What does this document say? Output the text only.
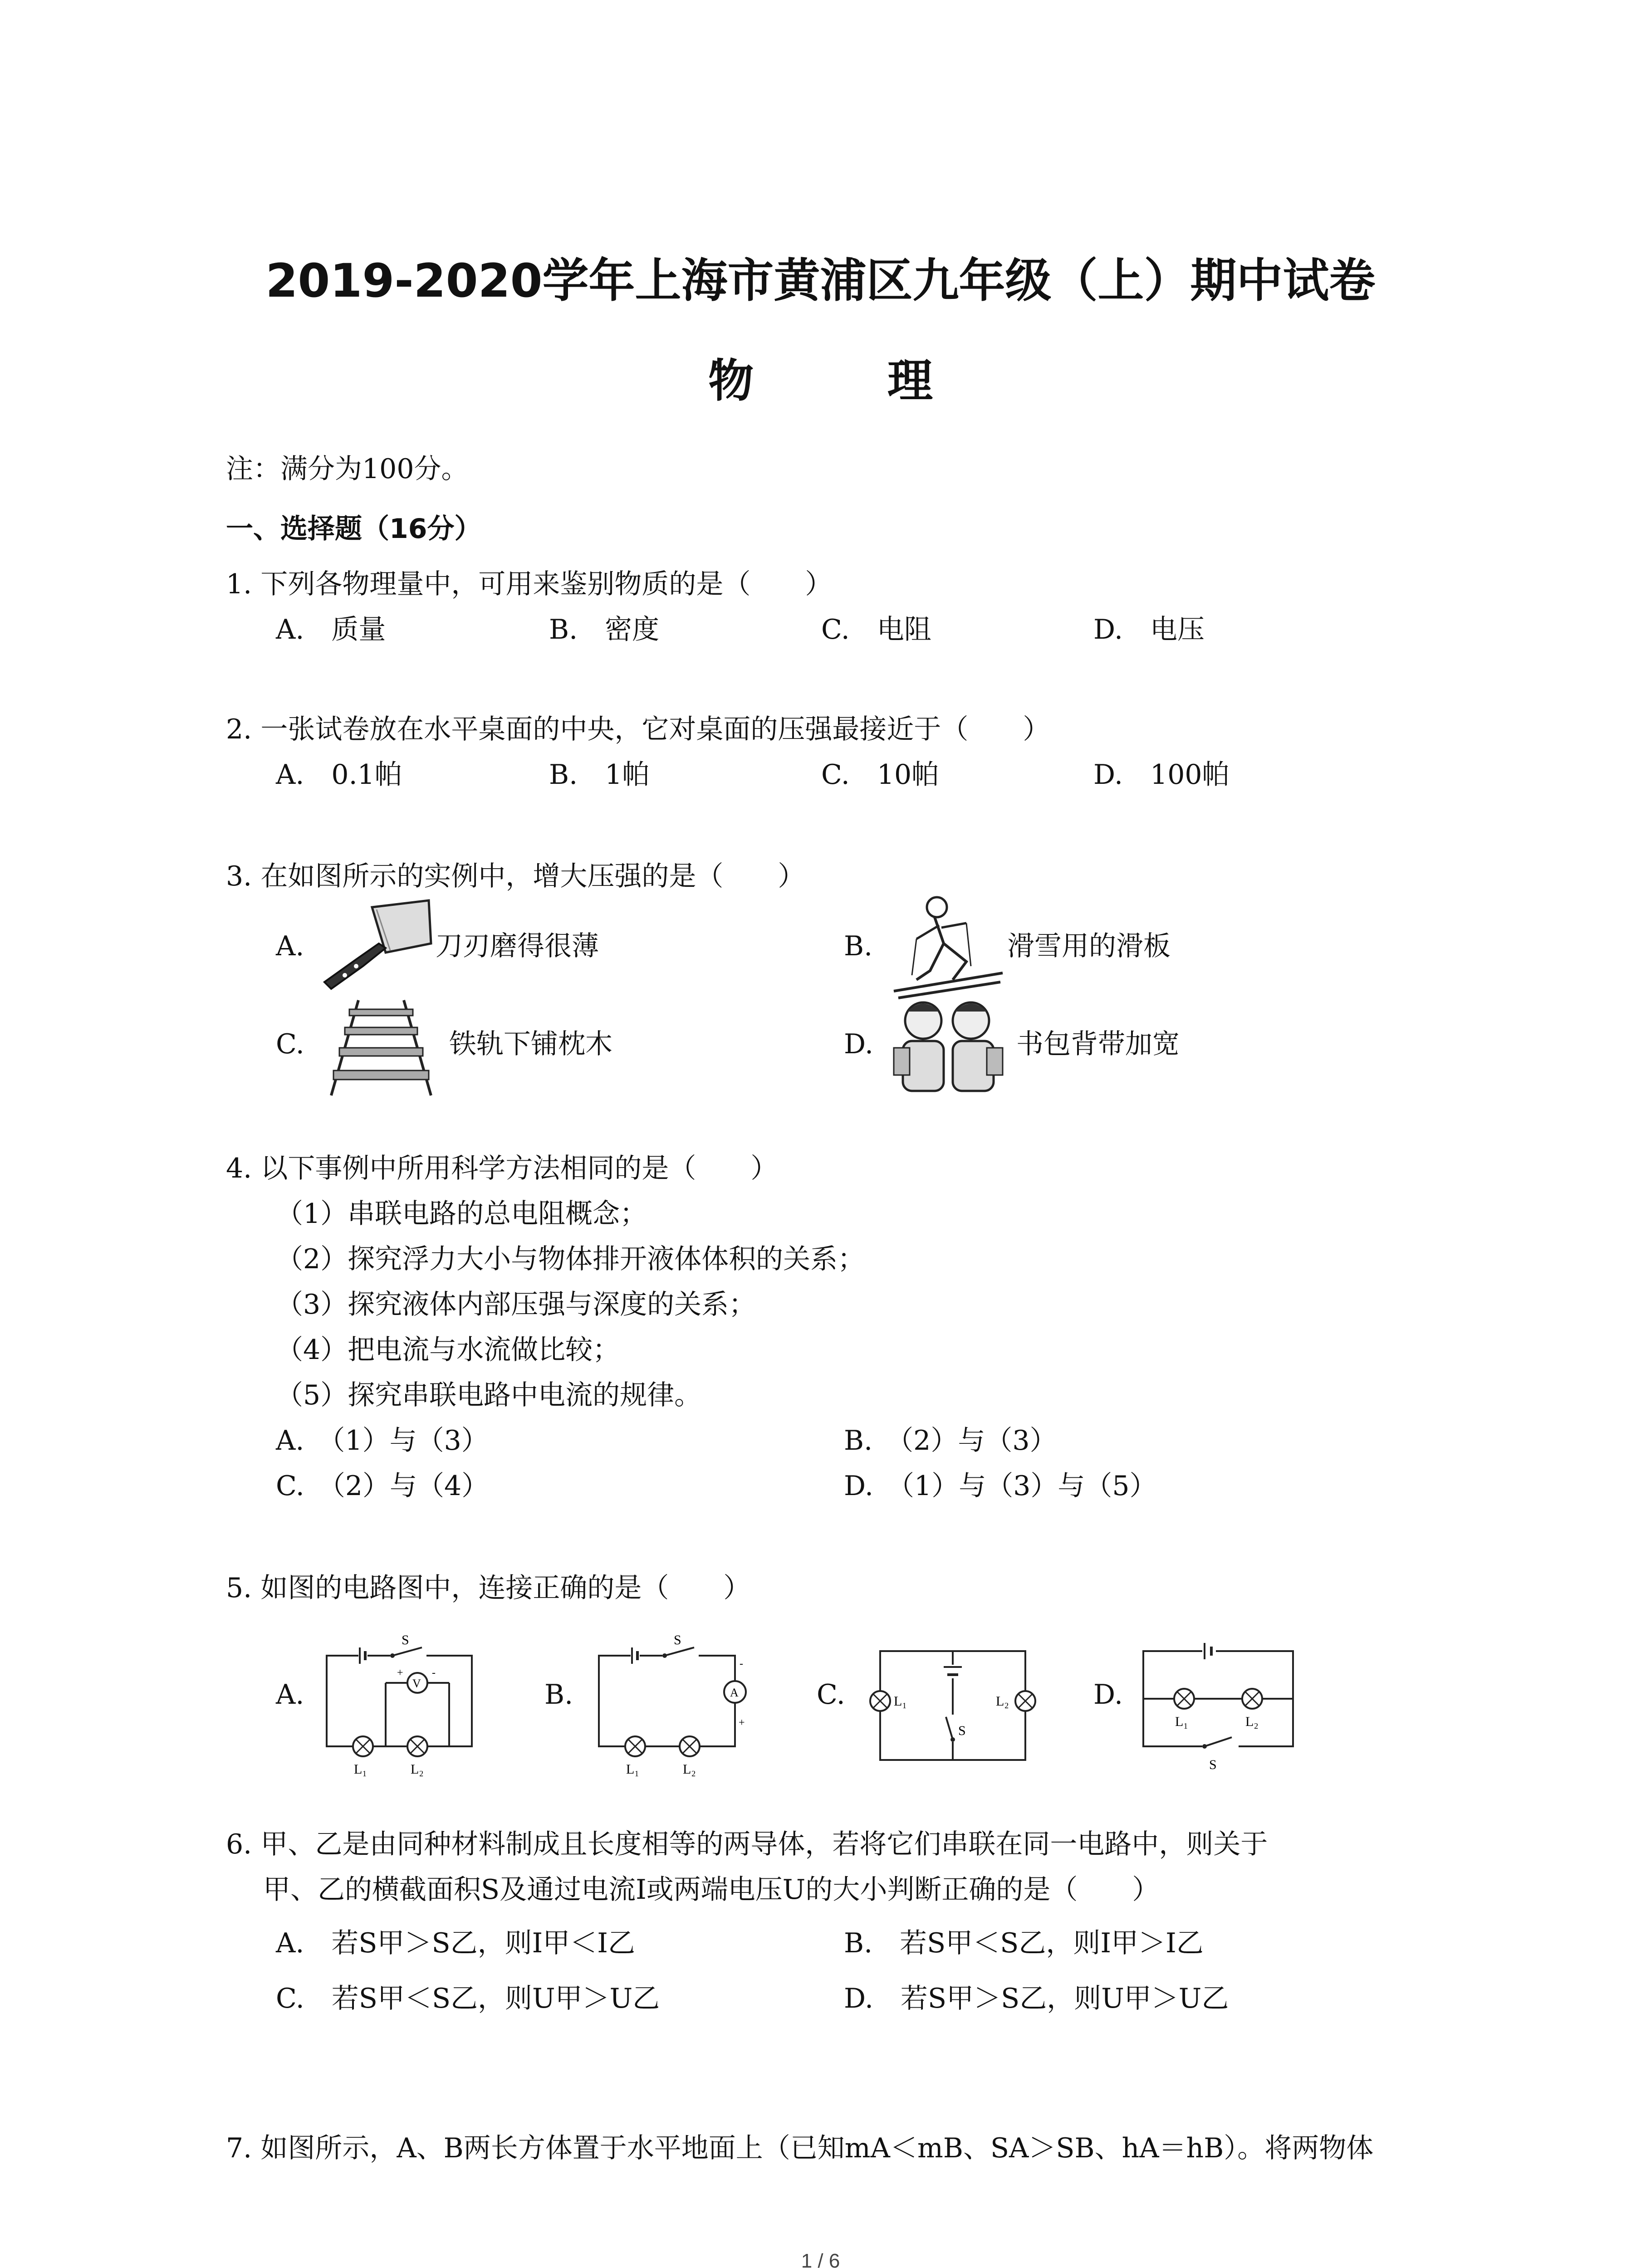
2019-2020学年上海市黄浦区九年级（上）期中试卷
物 理
注：满分为100分。
一、选择题（16分）
1. 下列各物理量中，可用来鉴别物质的是（　　）
A.　质量	B.　密度	C.　电阻	D.　电压
2. 一张试卷放在水平桌面的中央，它对桌面的压强最接近于（　　）
A.　0.1帕	B.　1帕	C.　10帕	D.　100帕
3. 在如图所示的实例中，增大压强的是（　　）
A.	刀刃磨得很薄	B.	滑雪用的滑板
C.	铁轨下铺枕木	D.	书包背带加宽
4. 以下事例中所用科学方法相同的是（　　）
（1）串联电路的总电阻概念；
（2）探究浮力大小与物体排开液体体积的关系；
（3）探究液体内部压强与深度的关系；
（4）把电流与水流做比较；
（5）探究串联电路中电流的规律。
A.　（1）与（3）	B.　（2）与（3）
C.　（2）与（4）	D.　（1）与（3）与（5）
5. 如图的电路图中，连接正确的是（　　）
A.
S
V
+	-
L₁	L₂
B.
S
A
-
+
L₁	L₂
C.
S
L₁	L₂	D.
L₁	L₂
S
6. 甲、乙是由同种材料制成且长度相等的两导体，若将它们串联在同一电路中，则关于
甲、乙的横截面积S及通过电流I或两端电压U的大小判断正确的是（　　）
A.　若S甲＞S乙，则I甲＜I乙	B.　若S甲＜S乙，则I甲＞I乙
C.　若S甲＜S乙，则U甲＞U乙	D.　若S甲＞S乙，则U甲＞U乙
7. 如图所示，A、B两长方体置于水平地面上（已知mA＜mB、SA＞SB、hA＝hB）。将两物体
1 / 6
